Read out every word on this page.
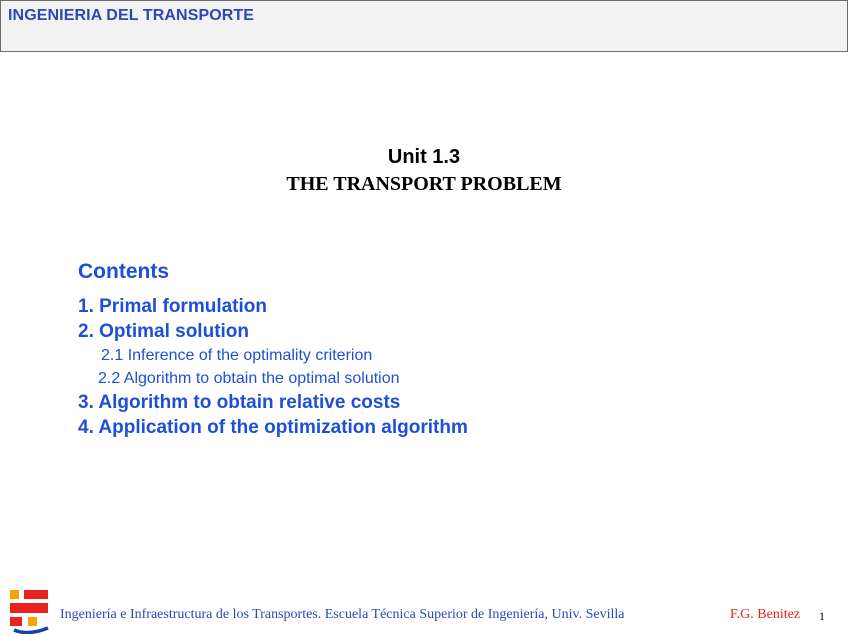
INGENIERIA DEL TRANSPORTE
Unit 1.3
THE TRANSPORT PROBLEM
Contents
1. Primal formulation
2. Optimal solution
2.1 Inference of the optimality criterion
2.2 Algorithm to obtain the optimal solution
3. Algorithm to obtain relative costs
4. Application of the optimization algorithm
Ingeniería e Infraestructura de los Transportes. Escuela Técnica Superior de Ingeniería, Univ. Sevilla	F.G. Benitez 1
